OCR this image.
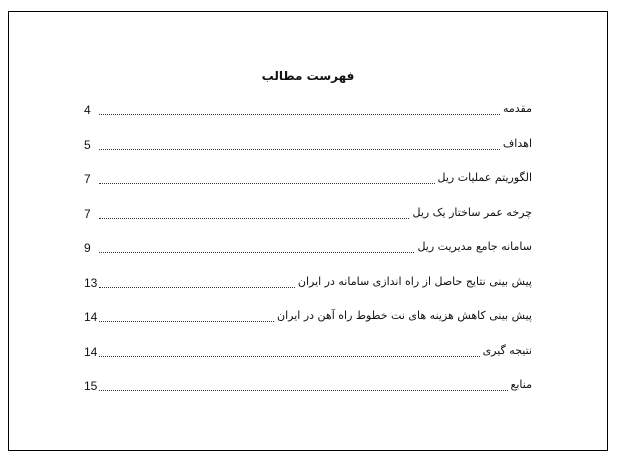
فهرست مطالب
4	مقدمه
5	اهداف
7	الگوریتم عملیات ریل
7	چرخه عمر ساختار یک ریل
9	سامانه جامع مدیریت ریل
13	پیش بینی نتایج حاصل از راه اندازی سامانه در ایران
14	پیش بینی کاهش هزینه های نت خطوط راه آهن در ایران
14	نتیجه گیری
15	منابع
